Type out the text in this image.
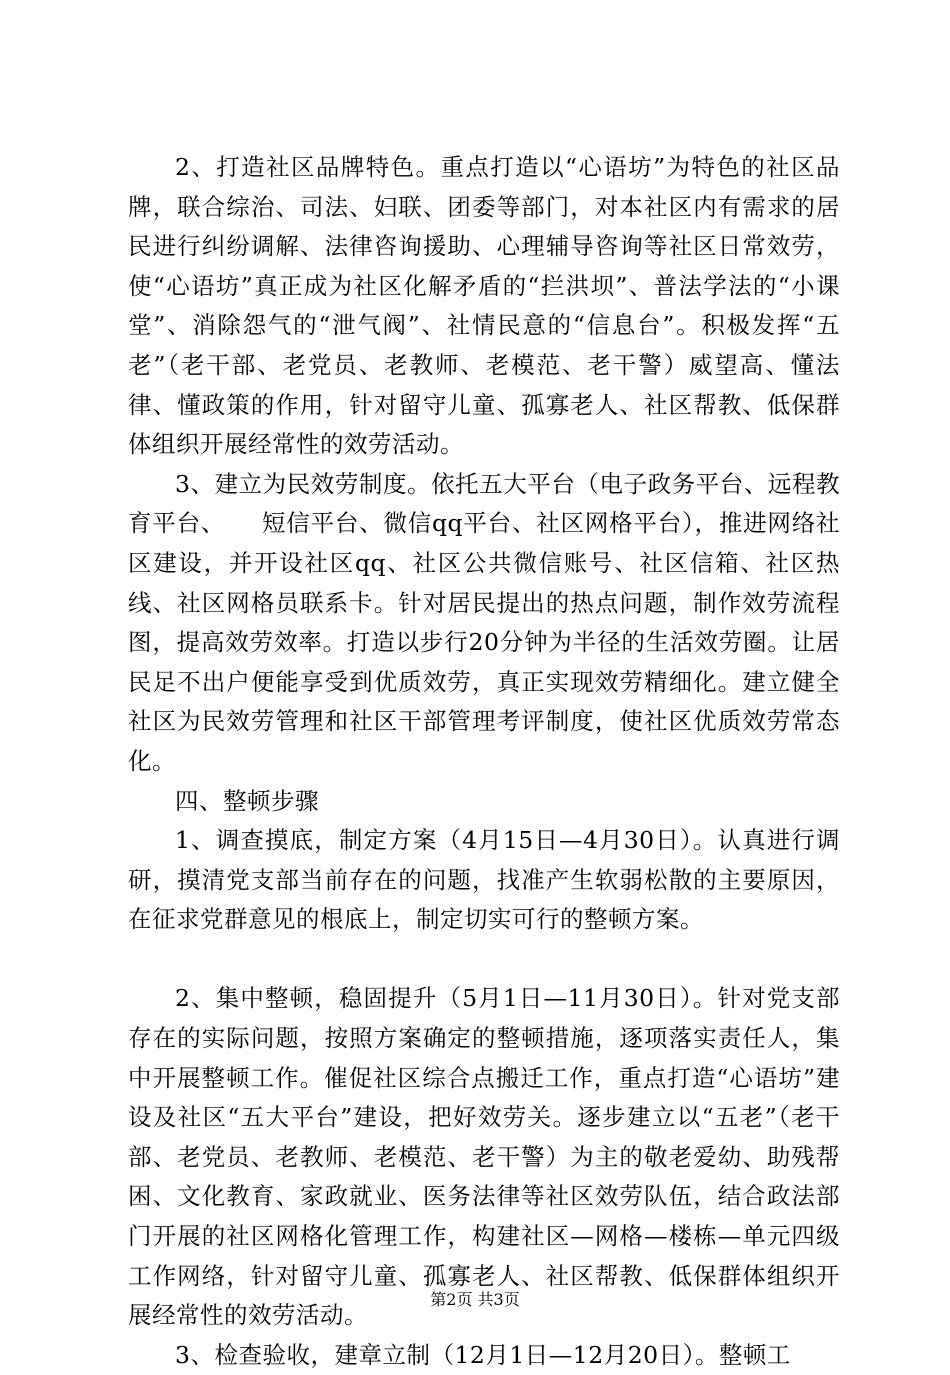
2、打造社区品牌特色。重点打造以“心语坊”为特色的社区品牌，联合综治、司法、妇联、团委等部门，对本社区内有需求的居民进行纠纷调解、法律咨询援助、心理辅导咨询等社区日常效劳，使“心语坊”真正成为社区化解矛盾的“拦洪坝”、普法学法的“小课堂”、消除怨气的“泄气阀”、社情民意的“信息台”。积极发挥“五老”（老干部、老党员、老教师、老模范、老干警）威望高、懂法律、懂政策的作用，针对留守儿童、孤寡老人、社区帮教、低保群体组织开展经常性的效劳活动。

3、建立为民效劳制度。依托五大平台（电子政务平台、远程教育平台、　　短信平台、微信qq平台、社区网格平台），推进网络社区建设，并开设社区qq、社区公共微信账号、社区信箱、社区热线、社区网格员联系卡。针对居民提出的热点问题，制作效劳流程图，提高效劳效率。打造以步行20分钟为半径的生活效劳圈。让居民足不出户便能享受到优质效劳，真正实现效劳精细化。建立健全社区为民效劳管理和社区干部管理考评制度，使社区优质效劳常态化。

四、整顿步骤

1、调查摸底，制定方案（4月15日—4月30日）。认真进行调研，摸清党支部当前存在的问题，找准产生软弱松散的主要原因，在征求党群意见的根底上，制定切实可行的整顿方案。

2、集中整顿，稳固提升（5月1日—11月30日）。针对党支部存在的实际问题，按照方案确定的整顿措施，逐项落实责任人，集中开展整顿工作。催促社区综合点搬迁工作，重点打造“心语坊”建设及社区“五大平台”建设，把好效劳关。逐步建立以“五老”（老干部、老党员、老教师、老模范、老干警）为主的敬老爱幼、助残帮困、文化教育、家政就业、医务法律等社区效劳队伍，结合政法部门开展的社区网格化管理工作，构建社区—网格—楼栋—单元四级工作网络，针对留守儿童、孤寡老人、社区帮教、低保群体组织开展经常性的效劳活动。

3、检查验收，建章立制（12月1日—12月20日）。整顿工

第2页 共3页
